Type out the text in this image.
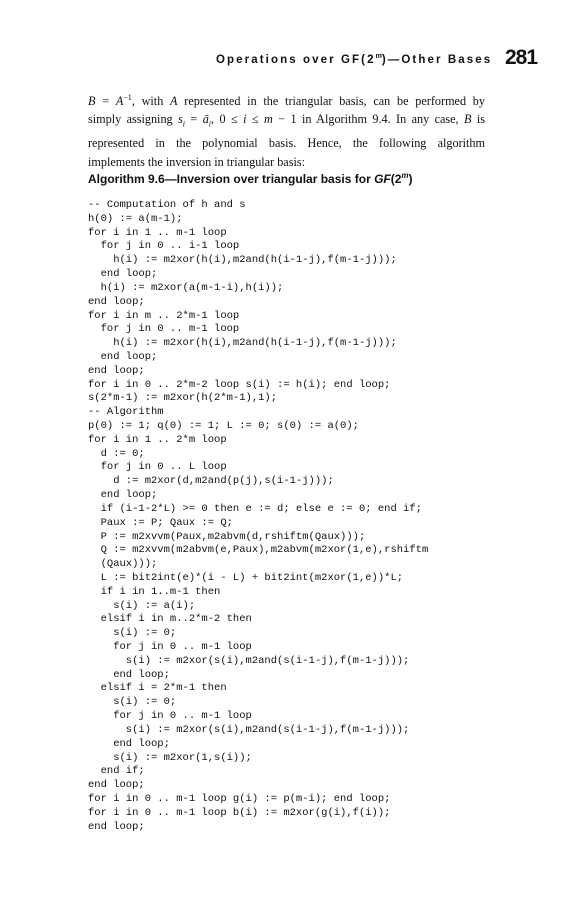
Operations over GF(2$^m$)—Other Bases 281
$B = A^{-1}$, with A represented in the triangular basis, can be performed by
simply assigning $s_i$ = $ā_i$, 0 ≤ i ≤ m − 1 in Algorithm 9.4. In any case, B is
represented in the polynomial basis. Hence, the following algorithm
implements the inversion in triangular basis:
Algorithm 9.6—Inversion over triangular basis for GF(2$^m$)
-- Computation of h and s
h(0) := a(m-1);
for i in 1 .. m-1 loop
for j in 0 .. i-1 loop
h(i) := m2xor(h(i),m2and(h(i-1-j),f(m-1-j)));
end loop;
h(i) := m2xor(a(m-1-i),h(i));
end loop;
for i in m .. 2*m-1 loop
for j in 0 .. m-1 loop
h(i) := m2xor(h(i),m2and(h(i-1-j),f(m-1-j)));
end loop;
end loop;
for i in 0 .. 2*m-2 loop s(i) := h(i); end loop;
s(2*m-1) := m2xor(h(2*m-1),1);
-- Algorithm
p(0) := 1; q(0) := 1; L := 0; s(0) := a(0);
for i in 1 .. 2*m loop
d := 0;
for j in 0 .. L loop
d := m2xor(d,m2and(p(j),s(i-1-j)));
end loop;
if (i-1-2*L) >= 0 then e := d; else e := 0; end if;
Paux := P; Qaux := Q;
P := m2xvvm(Paux,m2abvm(d,rshiftm(Qaux)));
Q := m2xvvm(m2abvm(e,Paux),m2abvm(m2xor(1,e),rshiftm
(Qaux)));
L := bit2int(e)*(i - L) + bit2int(m2xor(1,e))*L;
if i in 1..m-1 then
s(i) := a(i);
elsif i in m..2*m-2 then
s(i) := 0;
for j in 0 .. m-1 loop
s(i) := m2xor(s(i),m2and(s(i-1-j),f(m-1-j)));
end loop;
elsif i = 2*m-1 then
s(i) := 0;
for j in 0 .. m-1 loop
s(i) := m2xor(s(i),m2and(s(i-1-j),f(m-1-j)));
end loop;
s(i) := m2xor(1,s(i));
end if;
end loop;
for i in 0 .. m-1 loop g(i) := p(m-i); end loop;
for i in 0 .. m-1 loop b(i) := m2xor(g(i),f(i));
end loop;
